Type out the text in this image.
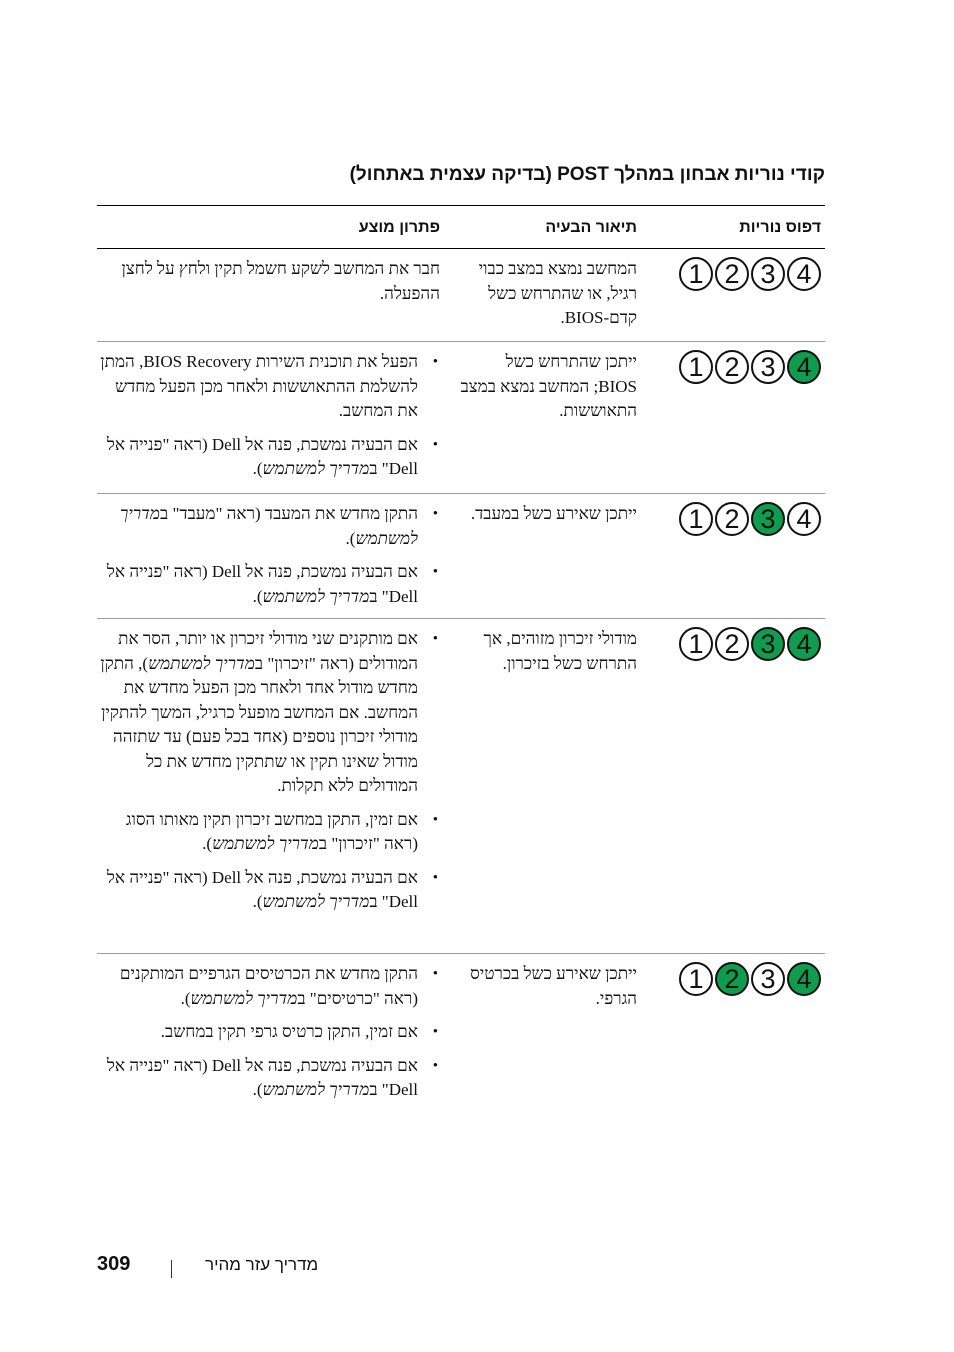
קודי נוריות אבחון במהלך POST (בדיקה עצמית באתחול)
דפוס נוריות
תיאור הבעיה
פתרון מוצע
1 2 3 4
המחשב נמצא במצב כבוי רגיל, או שהתרחש כשל קדם-BIOS.
חבר את המחשב לשקע חשמל תקין ולחץ על לחצן ההפעלה.
1 2 3 4
ייתכן שהתרחש כשל BIOS; המחשב נמצא במצב התאוששות.
•
הפעל את תוכנית השירות BIOS Recovery, המתן להשלמת ההתאוששות ולאחר מכן הפעל מחדש את המחשב.
•
אם הבעיה נמשכת, פנה אל Dell (ראה "פנייה אל Dell" במדריך למשתמש).
1 2 3 4
ייתכן שאירע כשל במעבד.
•
התקן מחדש את המעבד (ראה "מעבד" במדריך למשתמש).
•
אם הבעיה נמשכת, פנה אל Dell (ראה "פנייה אל Dell" במדריך למשתמש).
1 2 3 4
מודולי זיכרון מזוהים, אך התרחש כשל בזיכרון.
•
אם מותקנים שני מודולי זיכרון או יותר, הסר את המודולים (ראה "זיכרון" במדריך למשתמש), התקן מחדש מודול אחד ולאחר מכן הפעל מחדש את המחשב. אם המחשב מופעל כרגיל, המשך להתקין מודולי זיכרון נוספים (אחד בכל פעם) עד שתזהה מודול שאינו תקין או שתתקין מחדש את כל המודולים ללא תקלות.
•
אם זמין, התקן במחשב זיכרון תקין מאותו הסוג (ראה "זיכרון" במדריך למשתמש).
•
אם הבעיה נמשכת, פנה אל Dell (ראה "פנייה אל Dell" במדריך למשתמש).
1 2 3 4
ייתכן שאירע כשל בכרטיס הגרפי.
•
התקן מחדש את הכרטיסים הגרפיים המותקנים (ראה "כרטיסים" במדריך למשתמש).
•
אם זמין, התקן כרטיס גרפי תקין במחשב.
•
אם הבעיה נמשכת, פנה אל Dell (ראה "פנייה אל Dell" במדריך למשתמש).
309	מדריך עזר מהיר
